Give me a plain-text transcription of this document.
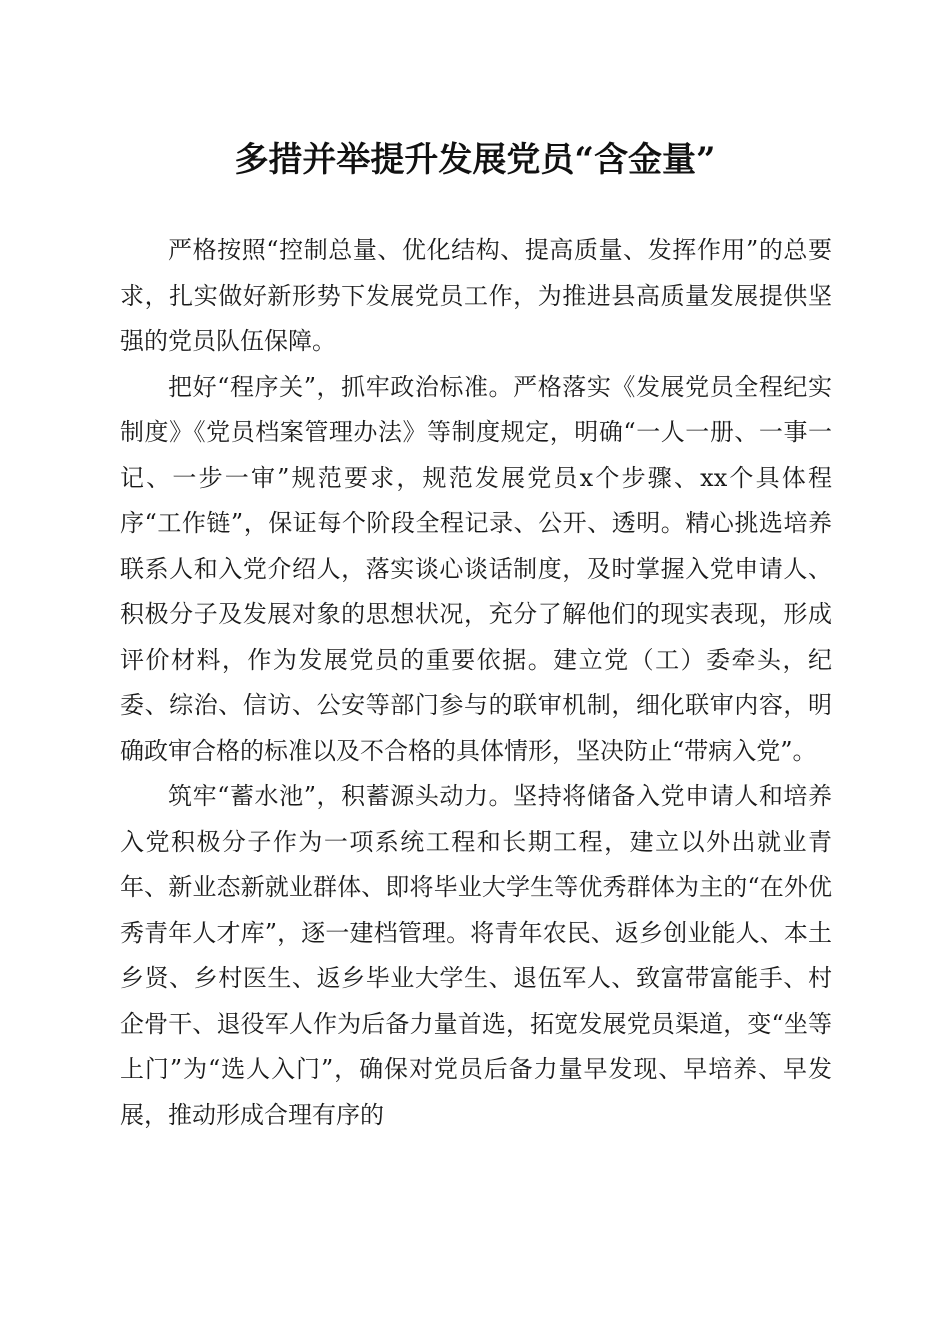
多措并举提升发展党员“含金量”

严格按照“控制总量、优化结构、提高质量、发挥作用”的总要求，扎实做好新形势下发展党员工作，为推进县高质量发展提供坚强的党员队伍保障。

把好“程序关”，抓牢政治标准。严格落实《发展党员全程纪实制度》《党员档案管理办法》等制度规定，明确“一人一册、一事一记、一步一审”规范要求，规范发展党员x个步骤、xx个具体程序“工作链”，保证每个阶段全程记录、公开、透明。精心挑选培养联系人和入党介绍人，落实谈心谈话制度，及时掌握入党申请人、积极分子及发展对象的思想状况，充分了解他们的现实表现，形成评价材料，作为发展党员的重要依据。建立党（工）委牵头，纪委、综治、信访、公安等部门参与的联审机制，细化联审内容，明确政审合格的标准以及不合格的具体情形，坚决防止“带病入党”。

筑牢“蓄水池”，积蓄源头动力。坚持将储备入党申请人和培养入党积极分子作为一项系统工程和长期工程，建立以外出就业青年、新业态新就业群体、即将毕业大学生等优秀群体为主的“在外优秀青年人才库”，逐一建档管理。将青年农民、返乡创业能人、本土乡贤、乡村医生、返乡毕业大学生、退伍军人、致富带富能手、村企骨干、退役军人作为后备力量首选，拓宽发展党员渠道，变“坐等上门”为“选人入门”，确保对党员后备力量早发现、早培养、早发展，推动形成合理有序的
